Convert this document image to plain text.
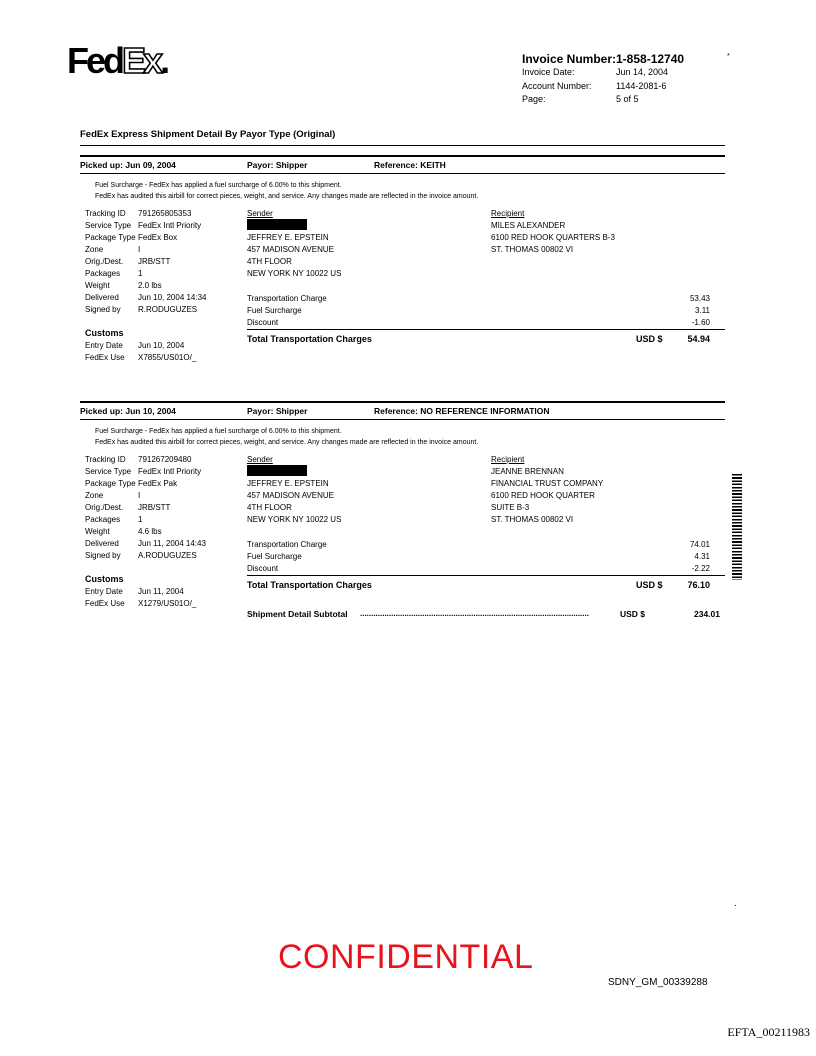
FedEx.	Invoice Number: 1-858-12740	*
Invoice Date:	Jun 14, 2004
Account Number:	1144-2081-6
Page:	5 of 5
FedEx Express Shipment Detail By Payor Type (Original)
Picked up: Jun 09, 2004	Payor: Shipper	Reference: KEITH
Fuel Surcharge - FedEx has applied a fuel surcharge of 6.00% to this shipment.
FedEx has audited this airbill for correct pieces, weight, and service. Any changes made are reflected in the invoice amount.
Tracking ID 791265805353
Service Type FedEx Intl Priority
Package Type FedEx Box
Zone	I
Orig./Dest. JRB/STT
Packages 1
Weight	2.0 lbs
Delivered Jun 10, 2004 14:34
Signed by R.RODUGUZES
Customs
Entry Date Jun 10, 2004
FedEx Use X7855/US01O/_
Sender
JEFFREY E. EPSTEIN
457 MADISON AVENUE
4TH FLOOR
NEW YORK NY 10022 US
Recipient
MILES ALEXANDER
6100 RED HOOK QUARTERS B-3
ST. THOMAS 00802 VI
Transportation Charge	53.43
Fuel Surcharge	3.11
Discount	-1.60
Total Transportation Charges	USD $	54.94
Picked up: Jun 10, 2004	Payor: Shipper	Reference: NO REFERENCE INFORMATION
Fuel Surcharge - FedEx has applied a fuel surcharge of 6.00% to this shipment.
FedEx has audited this airbill for correct pieces, weight, and service. Any changes made are reflected in the invoice amount.
Tracking ID 791267209480
Service Type FedEx Intl Priority
Package Type FedEx Pak
Zone	I
Orig./Dest. JRB/STT
Packages 1
Weight	4.6 lbs
Delivered Jun 11, 2004 14:43
Signed by A.RODUGUZES
Customs
Entry Date Jun 11, 2004
FedEx Use X1279/US01O/_
Sender
JEFFREY E. EPSTEIN
457 MADISON AVENUE
4TH FLOOR
NEW YORK NY 10022 US
Recipient
JEANNE BRENNAN
FINANCIAL TRUST COMPANY
6100 RED HOOK QUARTER
SUITE B-3
ST. THOMAS 00802 VI
Transportation Charge	74.01
Fuel Surcharge	4.31
Discount	-2.22
Total Transportation Charges	USD $	76.10
Shipment Detail Subtotal .......................................................................................................	USD $	234.01
.
CONFIDENTIAL
SDNY_GM_00339288
EFTA_00211983
